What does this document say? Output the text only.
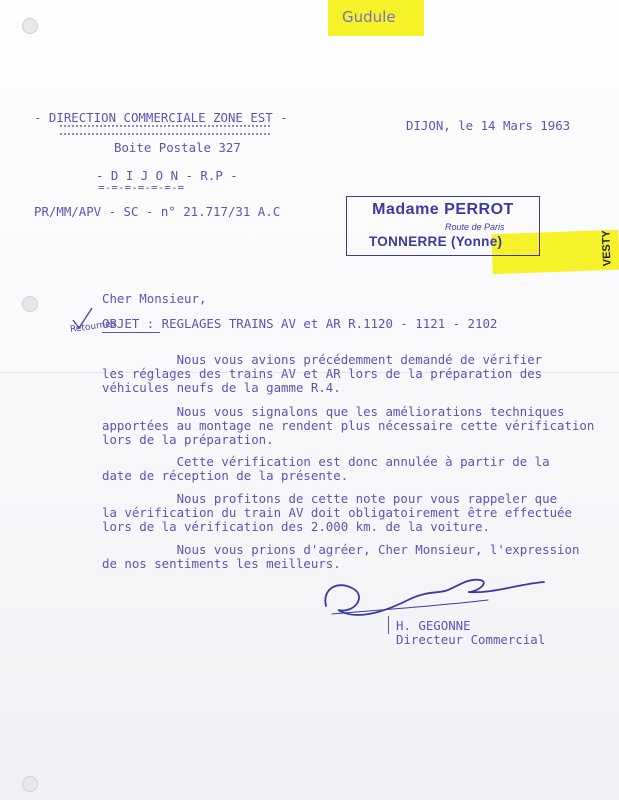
Gudule
VESTY
- DIRECTION COMMERCIALE ZONE EST -
Boite Postale 327
- D I J O N - R.P -
=-=-=-=-=-=-=
PR/MM/APV - SC - n° 21.717/31 A.C
DIJON, le 14 Mars 1963
Madame PERROT
Route de Paris
TONNERRE (Yonne)
Cher Monsieur,
Retournés
OBJET : REGLAGES TRAINS AV et AR R.1120 - 1121 - 2102
Nous vous avions précédemment demandé de vérifier
les réglages des trains AV et AR lors de la préparation des
véhicules neufs de la gamme R.4.
Nous vous signalons que les améliorations techniques
apportées au montage ne rendent plus nécessaire cette vérification
lors de la préparation.
Cette vérification est donc annulée à partir de la
date de réception de la présente.
Nous profitons de cette note pour vous rappeler que
la vérification du train AV doit obligatoirement être effectuée
lors de la vérification des 2.000 km. de la voiture.
Nous vous prions d'agréer, Cher Monsieur, l'expression
de nos sentiments les meilleurs.
H. GEGONNE
Directeur Commercial
